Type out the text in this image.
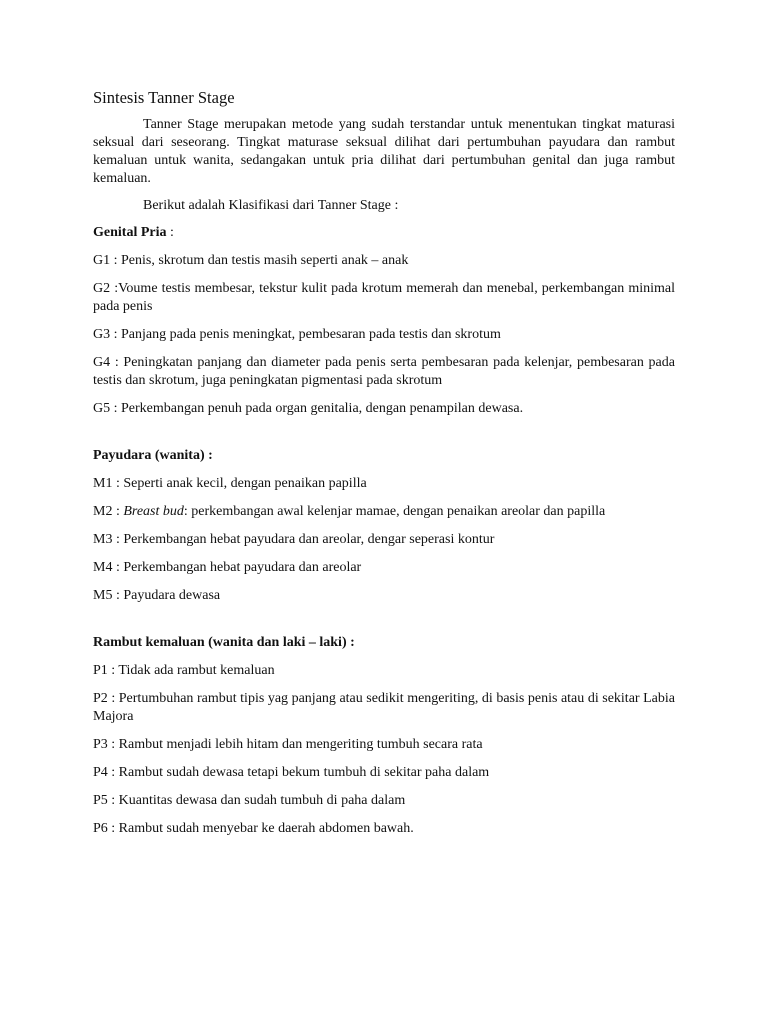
Sintesis Tanner Stage

Tanner Stage merupakan metode yang sudah terstandar untuk menentukan tingkat maturasi seksual dari seseorang. Tingkat maturase seksual dilihat dari pertumbuhan payudara dan rambut kemaluan untuk wanita, sedangakan untuk pria dilihat dari pertumbuhan genital dan juga rambut kemaluan.

Berikut adalah Klasifikasi dari Tanner Stage :

Genital Pria :

G1 : Penis, skrotum dan testis masih seperti anak – anak

G2 :Voume testis membesar, tekstur kulit pada krotum memerah dan menebal, perkembangan minimal pada penis

G3 : Panjang pada penis meningkat, pembesaran pada testis dan skrotum

G4 : Peningkatan panjang dan diameter pada penis serta pembesaran pada kelenjar, pembesaran pada testis dan skrotum, juga peningkatan pigmentasi pada skrotum

G5 : Perkembangan penuh pada organ genitalia, dengan penampilan dewasa.

Payudara (wanita) :

M1 : Seperti anak kecil, dengan penaikan papilla

M2 : Breast bud: perkembangan awal kelenjar mamae, dengan penaikan areolar dan papilla

M3 : Perkembangan hebat payudara dan areolar, dengar seperasi kontur

M4 : Perkembangan hebat payudara dan areolar

M5 : Payudara dewasa

Rambut kemaluan (wanita dan laki – laki) :

P1 : Tidak ada rambut kemaluan

P2 : Pertumbuhan rambut tipis yag panjang atau sedikit mengeriting, di basis penis atau di sekitar Labia Majora

P3 : Rambut menjadi lebih hitam dan mengeriting tumbuh secara rata

P4 : Rambut sudah dewasa tetapi bekum tumbuh di sekitar paha dalam

P5 : Kuantitas dewasa dan sudah tumbuh di paha dalam

P6 : Rambut sudah menyebar ke daerah abdomen bawah.
